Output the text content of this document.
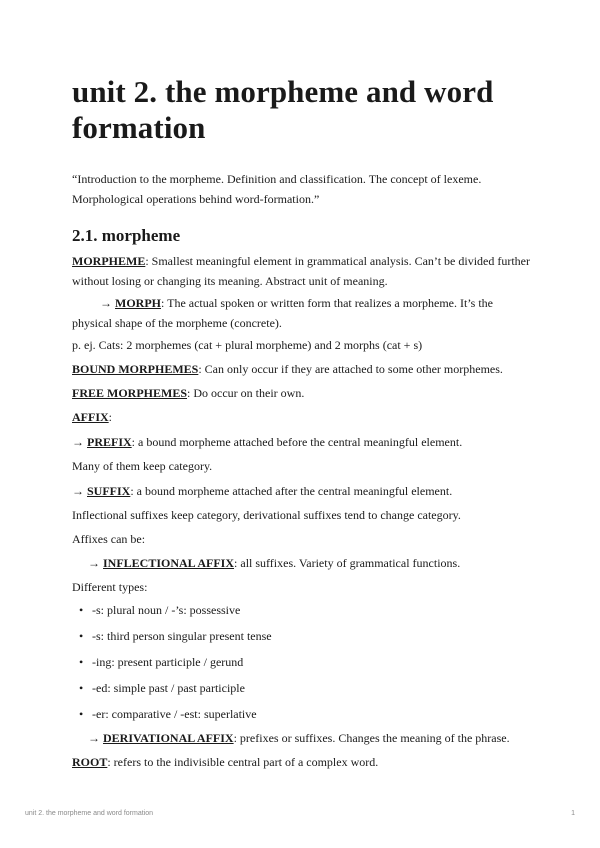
unit 2. the morpheme and word formation

“Introduction to the morpheme. Definition and classification. The concept of lexeme. Morphological operations behind word-formation.”

2.1. morpheme

MORPHEME: Smallest meaningful element in grammatical analysis. Can’t be divided further without losing or changing its meaning. Abstract unit of meaning.

→ MORPH: The actual spoken or written form that realizes a morpheme. It’s the physical shape of the morpheme (concrete).

p. ej. Cats: 2 morphemes (cat + plural morpheme) and 2 morphs (cat + s)

BOUND MORPHEMES: Can only occur if they are attached to some other morphemes.

FREE MORPHEMES: Do occur on their own.

AFFIX:

→ PREFIX: a bound morpheme attached before the central meaningful element.

Many of them keep category.

→ SUFFIX: a bound morpheme attached after the central meaningful element.

Inflectional suffixes keep category, derivational suffixes tend to change category.

Affixes can be:

→ INFLECTIONAL AFFIX: all suffixes. Variety of grammatical functions.

Different types:

• -s: plural noun / -’s: possessive
• -s: third person singular present tense
• -ing: present participle / gerund
• -ed: simple past / past participle
• -er: comparative / -est: superlative

→ DERIVATIONAL AFFIX: prefixes or suffixes. Changes the meaning of the phrase.

ROOT: refers to the indivisible central part of a complex word.

unit 2. the morpheme and word formation	1
